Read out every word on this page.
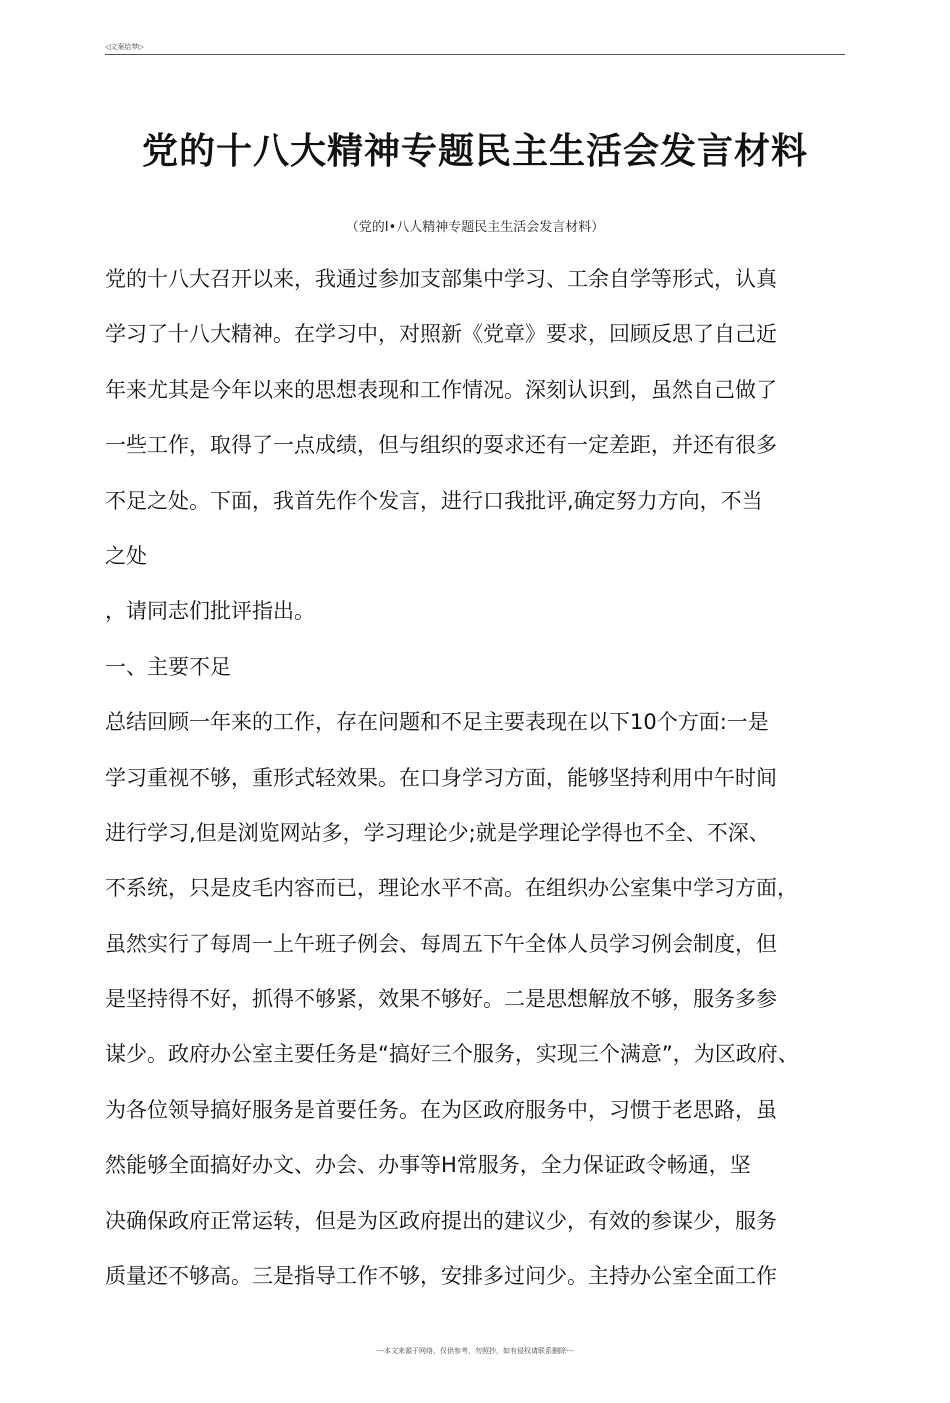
◁文案给梦▷
党的十八大精神专题民主生活会发言材料
（党的I•八人精神专题民主生活会发言材料）
党的十八大召开以来，我通过参加支部集中学习、工余自学等形式，认真
学习了十八大精神。在学习中，对照新《党章》要求，回顾反思了自己近
年来尤其是今年以来的思想表现和工作情况。深刻认识到，虽然自己做了
一些工作，取得了一点成绩，但与组织的耍求还有一定差距，并还有很多
不足之处。下面，我首先作个发言，进行口我批评,确定努力方向，不当
之处
，请同志们批评指出。
一、主要不足
总结回顾一年来的工作，存在问题和不足主要表现在以下10个方面:一是
学习重视不够，重形式轻效果。在口身学习方面，能够坚持利用中午时间
进行学习,但是浏览网站多，学习理论少;就是学理论学得也不全、不深、
不系统，只是皮毛内容而已，理论水平不高。在组织办公室集中学习方面，
虽然实行了每周一上午班子例会、每周五下午全体人员学习例会制度，但
是坚持得不好，抓得不够紧，效果不够好。二是思想解放不够，服务多参
谋少。政府办公室主要任务是“搞好三个服务，实现三个满意”，为区政府、
为各位领导搞好服务是首要任务。在为区政府服务中，习惯于老思路，虽
然能够全面搞好办文、办会、办事等H常服务，全力保证政令畅通，坚
决确保政府正常运转，但是为区政府提出的建议少，有效的参谋少，服务
质量还不够高。三是指导工作不够，安排多过问少。主持办公室全面工作
---本文来源于网络，仅供参考，勿照抄，如有侵权请联系删除---
